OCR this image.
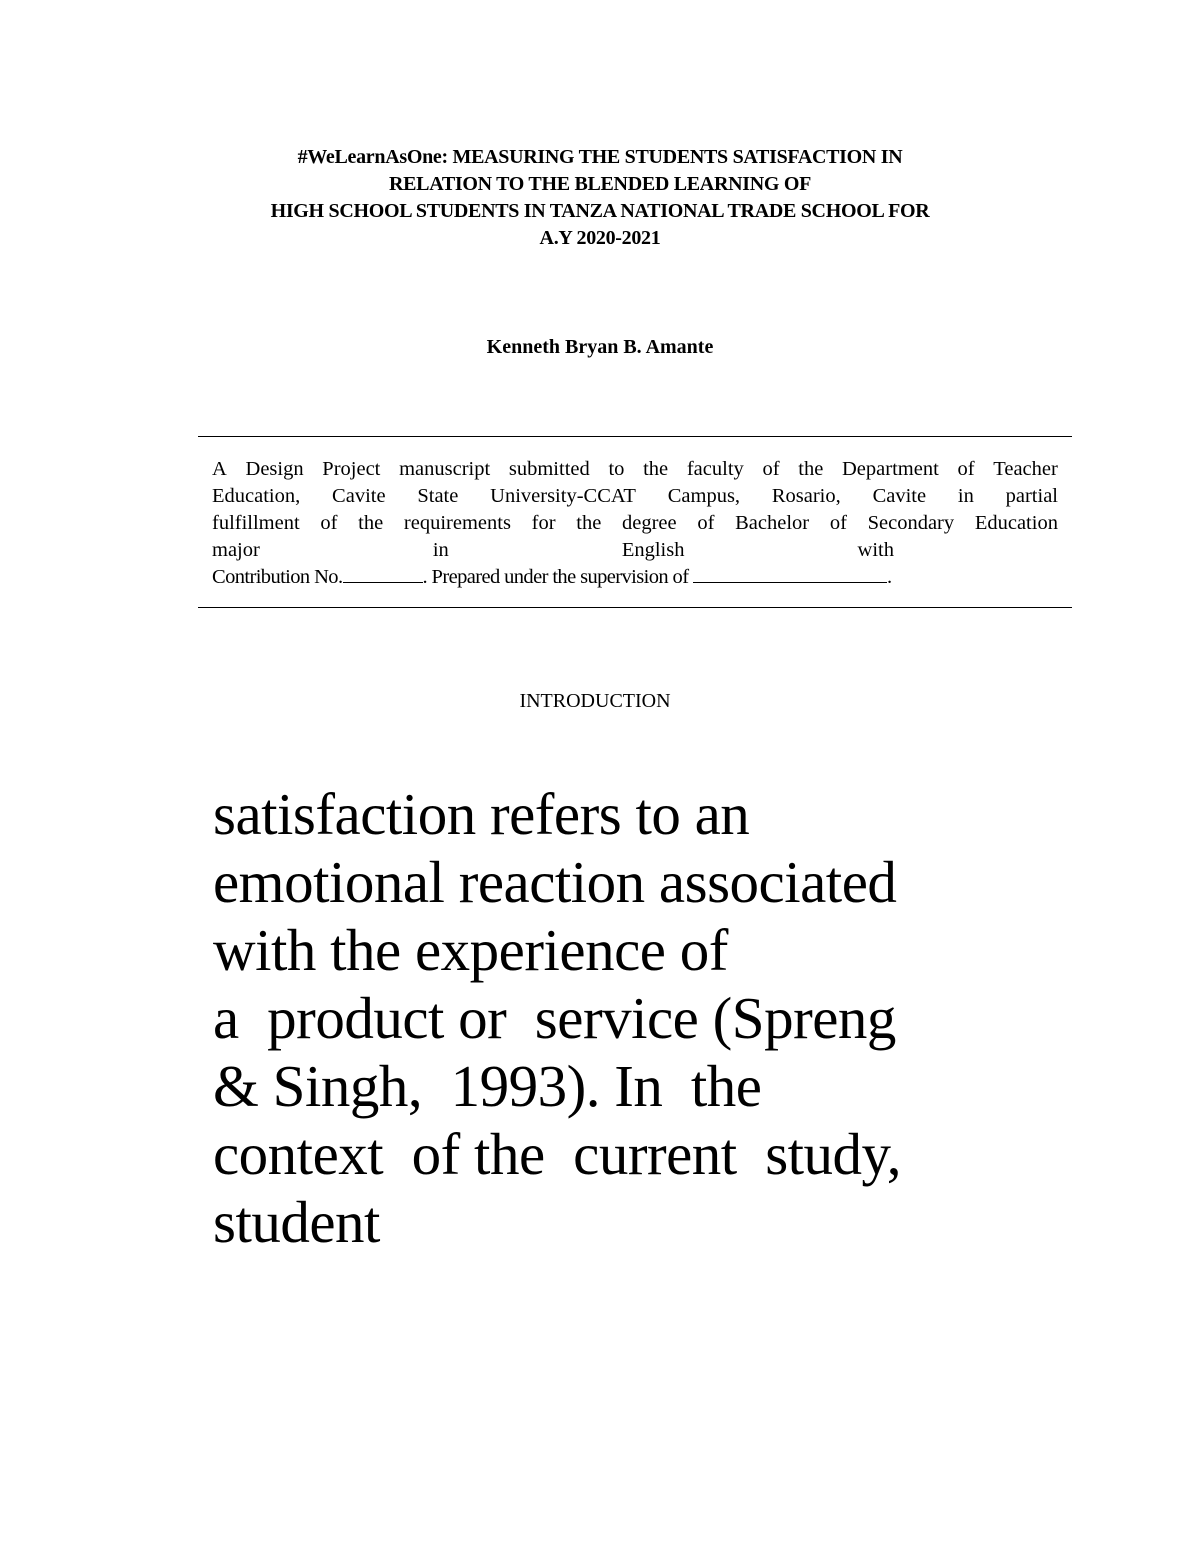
#WeLearnAsOne: MEASURING THE STUDENTS SATISFACTION IN
RELATION TO THE BLENDED LEARNING OF
HIGH SCHOOL STUDENTS IN TANZA NATIONAL TRADE SCHOOL FOR
A.Y 2020-2021
Kenneth Bryan B. Amante
A Design Project manuscript submitted to the faculty of the Department of Teacher
Education, Cavite State University-CCAT Campus, Rosario, Cavite in partial
fulfillment of the requirements for the degree of Bachelor of Secondary Education
major	in	English	with
Contribution No.	. Prepared under the supervision of
	.
INTRODUCTION
satisfaction refers to an
emotional reaction associated
with the experience of
a  product or  service (Spreng
& Singh,  1993). In  the
context  of the  current  study,
student
